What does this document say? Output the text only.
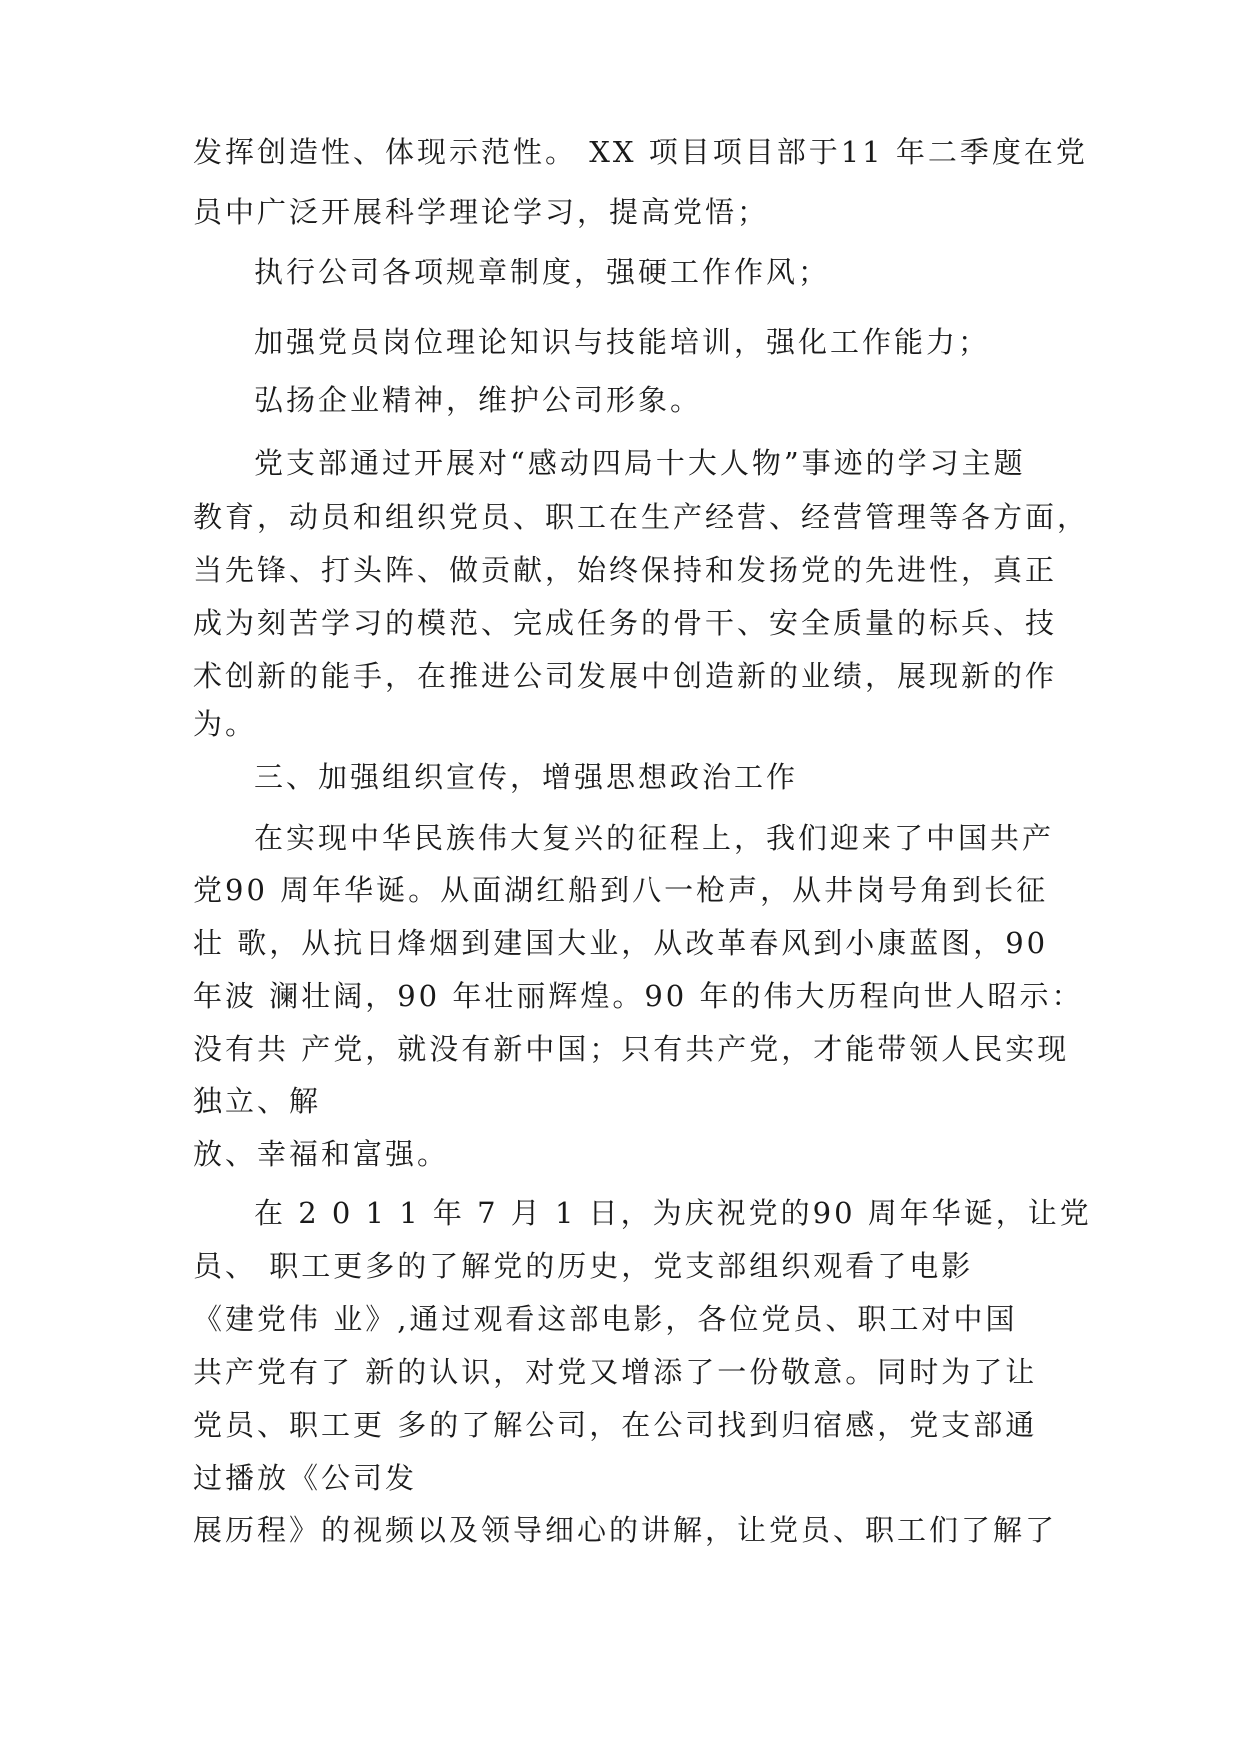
发挥创造性、体现示范性。 XX 项目项目部于11 年二季度在党
员中广泛开展科学理论学习，提高党悟；
执行公司各项规章制度，强硬工作作风；
加强党员岗位理论知识与技能培训，强化工作能力；
弘扬企业精神，维护公司形象。
党支部通过开展对“感动四局十大人物”事迹的学习主题
教育，动员和组织党员、职工在生产经营、经营管理等各方面，
当先锋、打头阵、做贡献，始终保持和发扬党的先进性，真正
成为刻苦学习的模范、完成任务的骨干、安全质量的标兵、技
术创新的能手，在推进公司发展中创造新的业绩，展现新的作
为。
三、加强组织宣传，增强思想政治工作
在实现中华民族伟大复兴的征程上，我们迎来了中国共产
党90 周年华诞。从面湖红船到八一枪声，从井岗号角到长征
壮 歌，从抗日烽烟到建国大业，从改革春风到小康蓝图，90
年波 澜壮阔，90 年壮丽辉煌。90 年的伟大历程向世人昭示：
没有共 产党，就没有新中国；只有共产党，才能带领人民实现
独立、解
放、幸福和富强。
在 2 0 1 1 年 7 月 1 日，为庆祝党的90 周年华诞，让党
员、 职工更多的了解党的历史，党支部组织观看了电影
《建党伟 业》,通过观看这部电影，各位党员、职工对中国
共产党有了 新的认识，对党又增添了一份敬意。同时为了让
党员、职工更 多的了解公司，在公司找到归宿感，党支部通
过播放《公司发
展历程》的视频以及领导细心的讲解，让党员、职工们了解了
